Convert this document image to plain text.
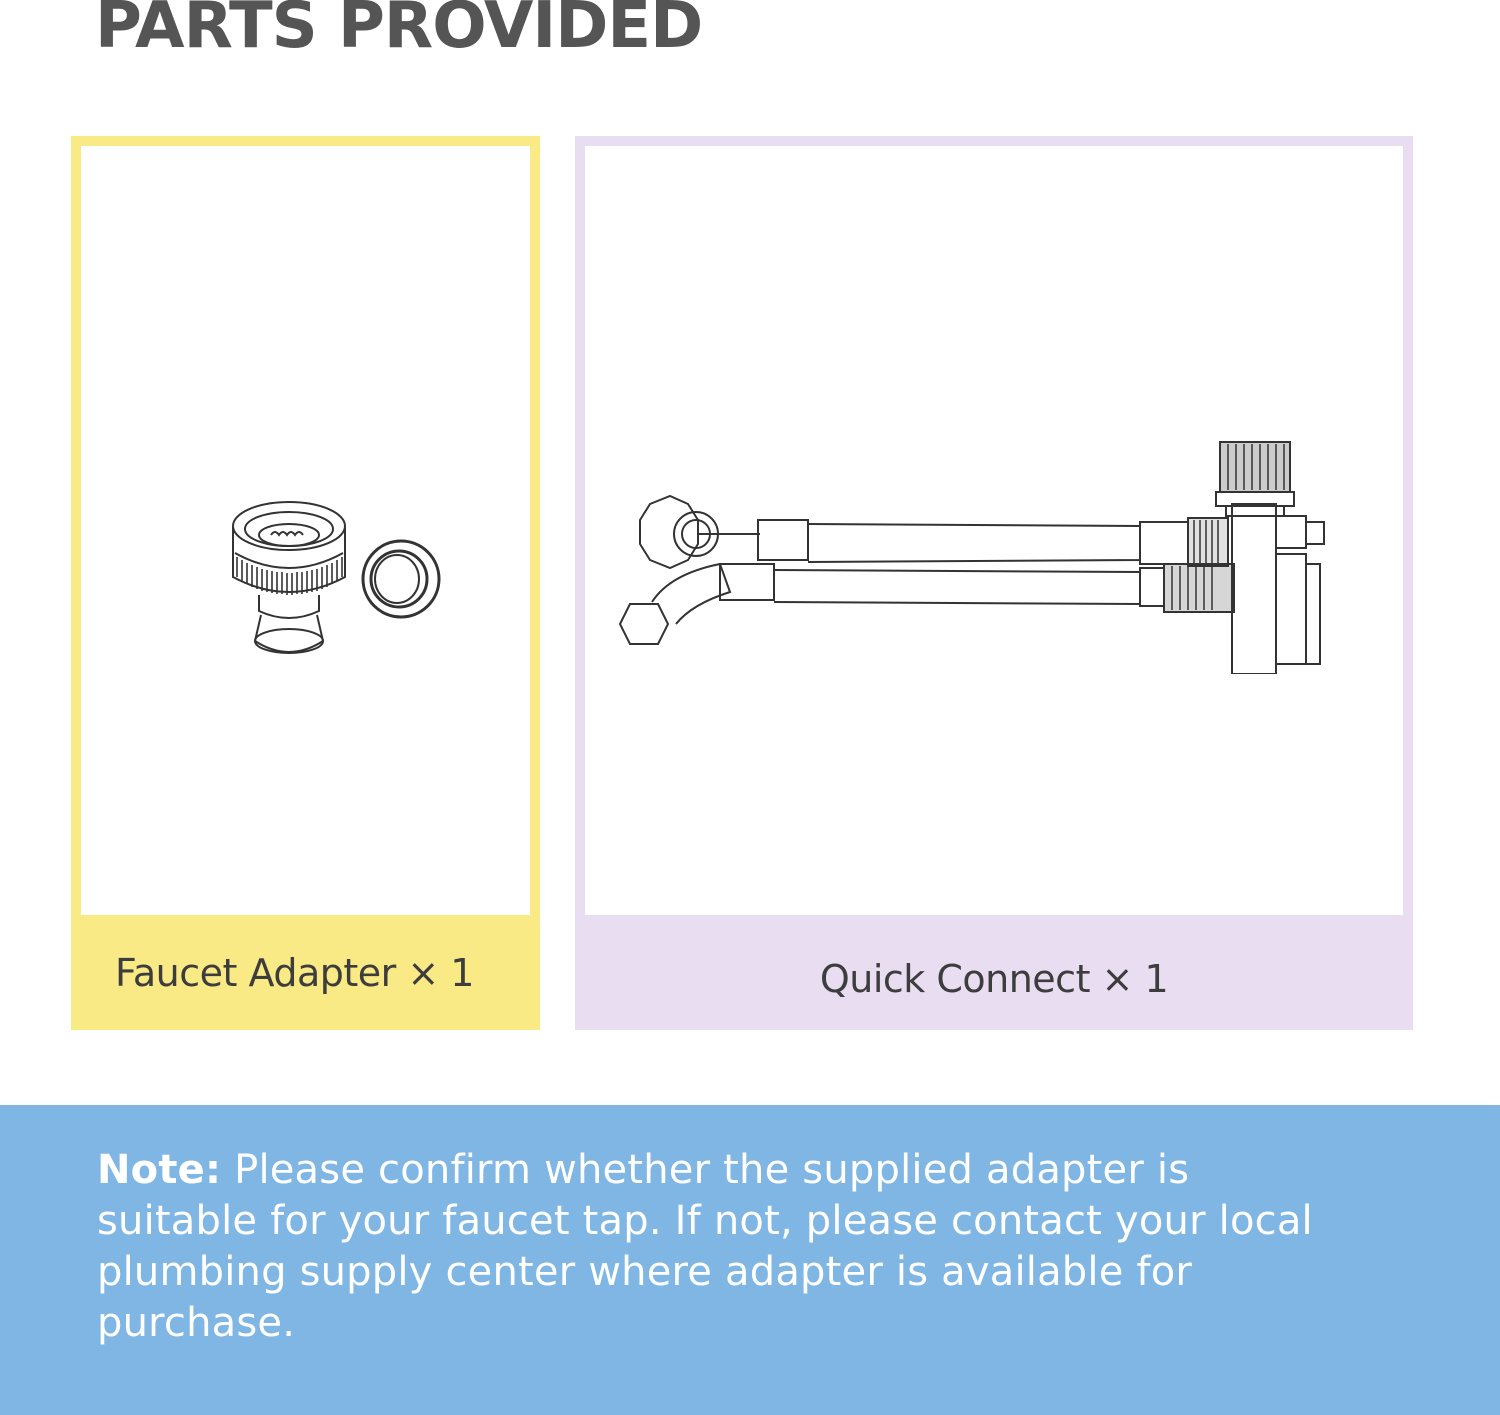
PARTS PROVIDED
Faucet Adapter × 1	Quick Connect × 1

Note: Please confirm whether the supplied adapter is suitable for your faucet tap. If not, please contact your local plumbing supply center where adapter is available for purchase.
